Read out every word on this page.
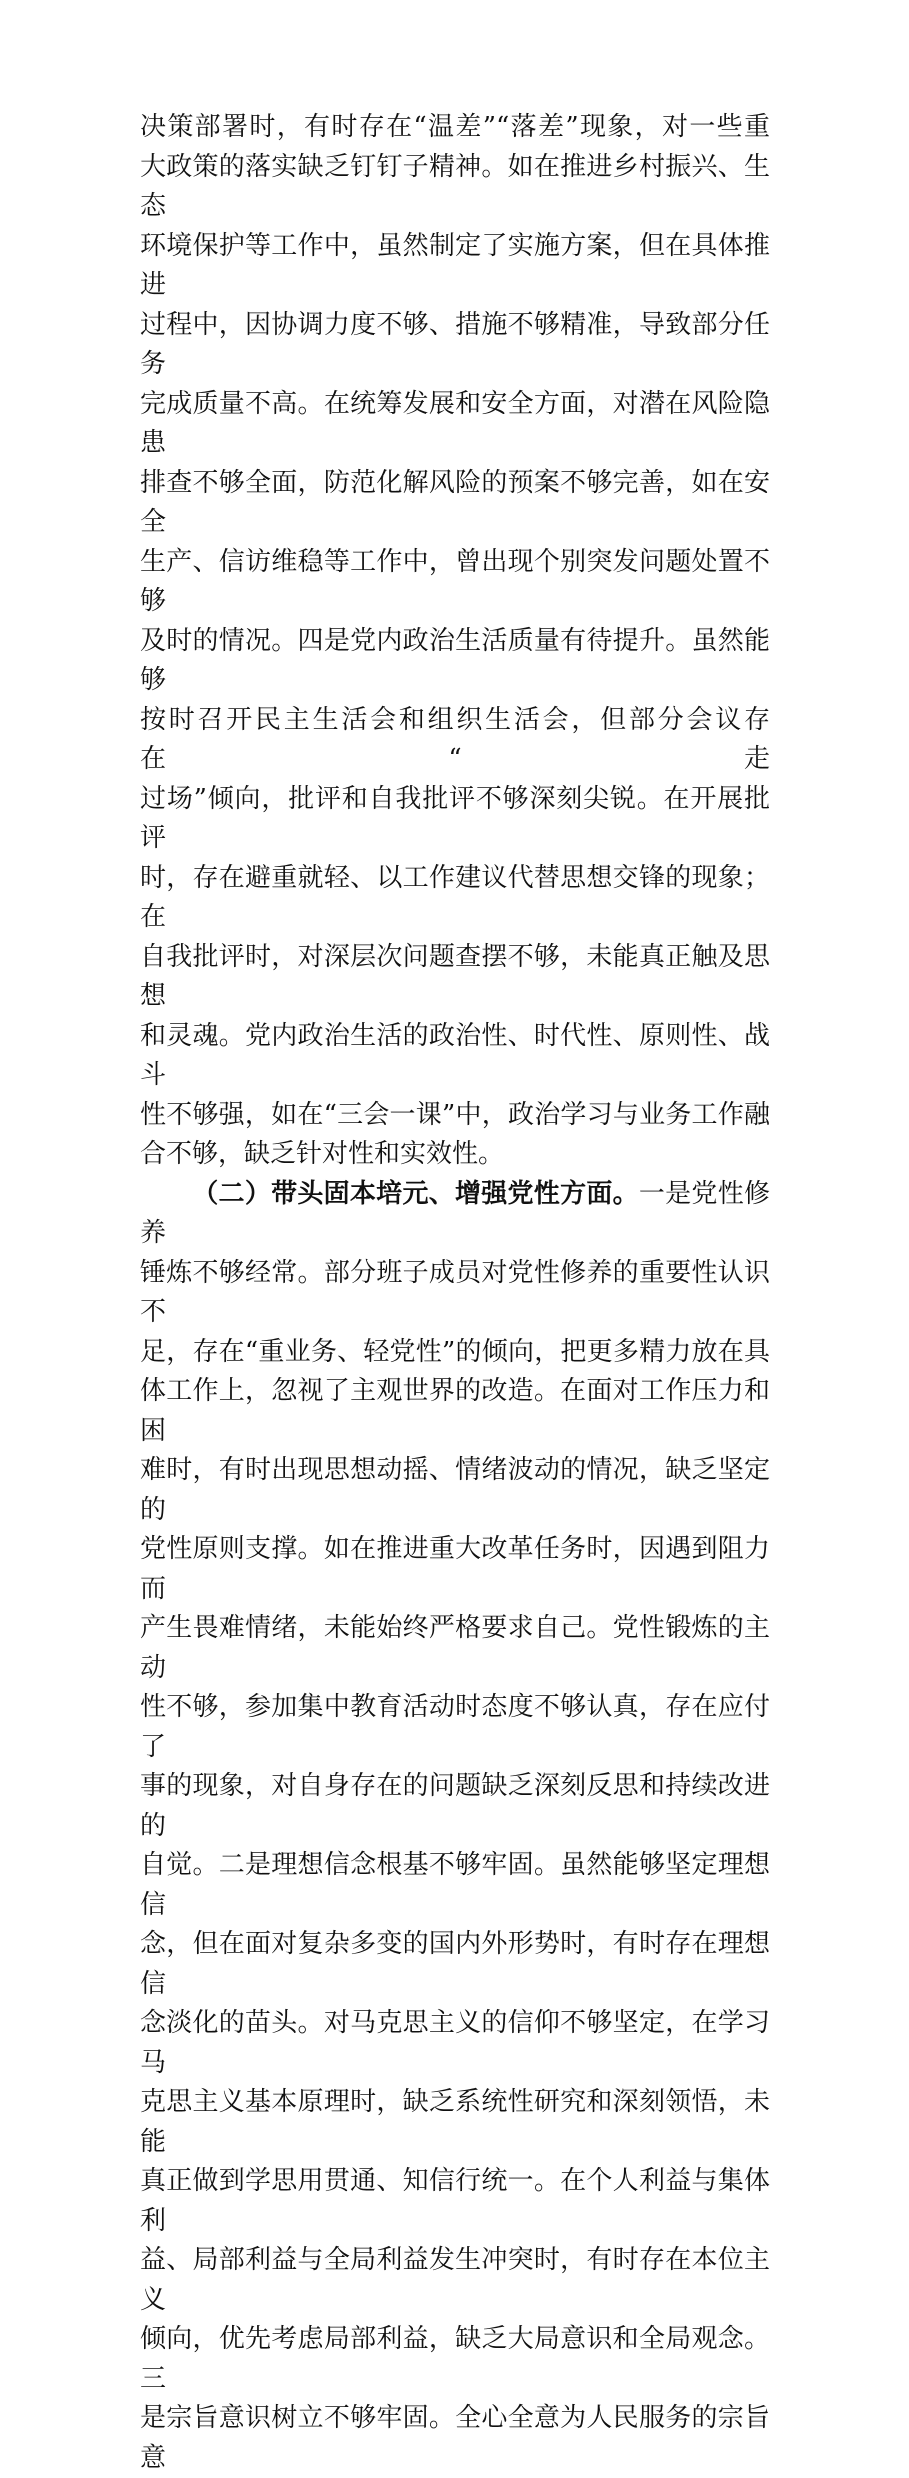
决策部署时，有时存在“温差”“落差”现象，对一些重

大政策的落实缺乏钉钉子精神。如在推进乡村振兴、生态

环境保护等工作中，虽然制定了实施方案，但在具体推进

过程中，因协调力度不够、措施不够精准，导致部分任务

完成质量不高。在统筹发展和安全方面，对潜在风险隐患

排查不够全面，防范化解风险的预案不够完善，如在安全

生产、信访维稳等工作中，曾出现个别突发问题处置不够

及时的情况。四是党内政治生活质量有待提升。虽然能够

按时召开民主生活会和组织生活会，但部分会议存在“走

过场”倾向，批评和自我批评不够深刻尖锐。在开展批评

时，存在避重就轻、以工作建议代替思想交锋的现象；在

自我批评时，对深层次问题查摆不够，未能真正触及思想

和灵魂。党内政治生活的政治性、时代性、原则性、战斗

性不够强，如在“三会一课”中，政治学习与业务工作融

合不够，缺乏针对性和实效性。

（二）带头固本培元、增强党性方面。一是党性修养

锤炼不够经常。部分班子成员对党性修养的重要性认识不

足，存在“重业务、轻党性”的倾向，把更多精力放在具

体工作上，忽视了主观世界的改造。在面对工作压力和困

难时，有时出现思想动摇、情绪波动的情况，缺乏坚定的

党性原则支撑。如在推进重大改革任务时，因遇到阻力而

产生畏难情绪，未能始终严格要求自己。党性锻炼的主动

性不够，参加集中教育活动时态度不够认真，存在应付了

事的现象，对自身存在的问题缺乏深刻反思和持续改进的

自觉。二是理想信念根基不够牢固。虽然能够坚定理想信

念，但在面对复杂多变的国内外形势时，有时存在理想信

念淡化的苗头。对马克思主义的信仰不够坚定，在学习马

克思主义基本原理时，缺乏系统性研究和深刻领悟，未能

真正做到学思用贯通、知信行统一。在个人利益与集体利

益、局部利益与全局利益发生冲突时，有时存在本位主义

倾向，优先考虑局部利益，缺乏大局意识和全局观念。三

是宗旨意识树立不够牢固。全心全意为人民服务的宗旨意
